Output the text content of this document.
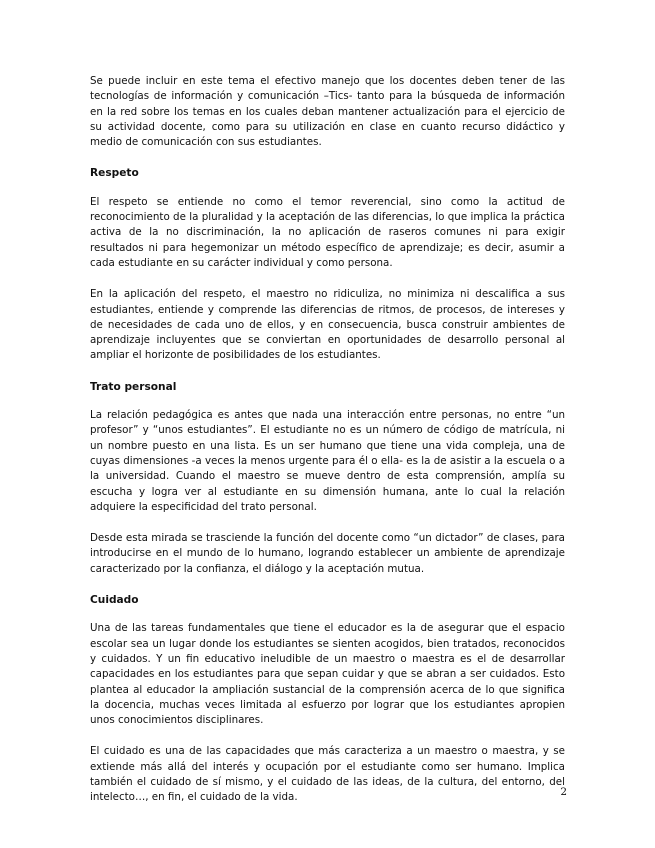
Se puede incluir en este tema el efectivo manejo que los docentes deben tener de las tecnologías de información y comunicación –Tics- tanto para la búsqueda de información en la red sobre los temas en los cuales deban mantener actualización para el ejercicio de su actividad docente, como para su utilización en clase en cuanto recurso didáctico y medio de comunicación con sus estudiantes.

Respeto

El respeto se entiende no como el temor reverencial, sino como la actitud de reconocimiento de la pluralidad y la aceptación de las diferencias, lo que implica la práctica activa de la no discriminación, la no aplicación de raseros comunes ni para exigir resultados ni para hegemonizar un método específico de aprendizaje; es decir, asumir a cada estudiante en su carácter individual y como persona.

En la aplicación del respeto, el maestro no ridiculiza, no minimiza ni descalifica a sus estudiantes, entiende y comprende las diferencias de ritmos, de procesos, de intereses y de necesidades de cada uno de ellos, y en consecuencia, busca construir ambientes de aprendizaje incluyentes que se conviertan en oportunidades de desarrollo personal al ampliar el horizonte de posibilidades de los estudiantes.

Trato personal

La relación pedagógica es antes que nada una interacción entre personas, no entre “un profesor” y “unos estudiantes”. El estudiante no es un número de código de matrícula, ni un nombre puesto en una lista. Es un ser humano que tiene una vida compleja, una de cuyas dimensiones -a veces la menos urgente para él o ella- es la de asistir a la escuela o a la universidad. Cuando el maestro se mueve dentro de esta comprensión, amplía su escucha y logra ver al estudiante en su dimensión humana, ante lo cual la relación adquiere la especificidad del trato personal.

Desde esta mirada se trasciende la función del docente como “un dictador” de clases, para introducirse en el mundo de lo humano, logrando establecer un ambiente de aprendizaje caracterizado por la confianza, el diálogo y la aceptación mutua.

Cuidado

Una de las tareas fundamentales que tiene el educador es la de asegurar que el espacio escolar sea un lugar donde los estudiantes se sienten acogidos, bien tratados, reconocidos y cuidados. Y un fin educativo ineludible de un maestro o maestra es el de desarrollar capacidades en los estudiantes para que sepan cuidar y que se abran a ser cuidados. Esto plantea al educador la ampliación sustancial de la comprensión acerca de lo que significa la docencia, muchas veces limitada al esfuerzo por lograr que los estudiantes apropien unos conocimientos disciplinares.

El cuidado es una de las capacidades que más caracteriza a un maestro o maestra, y se extiende más allá del interés y ocupación por el estudiante como ser humano. Implica también el cuidado de sí mismo, y el cuidado de las ideas, de la cultura, del entorno, del intelecto…, en fin, el cuidado de la vida.	2
